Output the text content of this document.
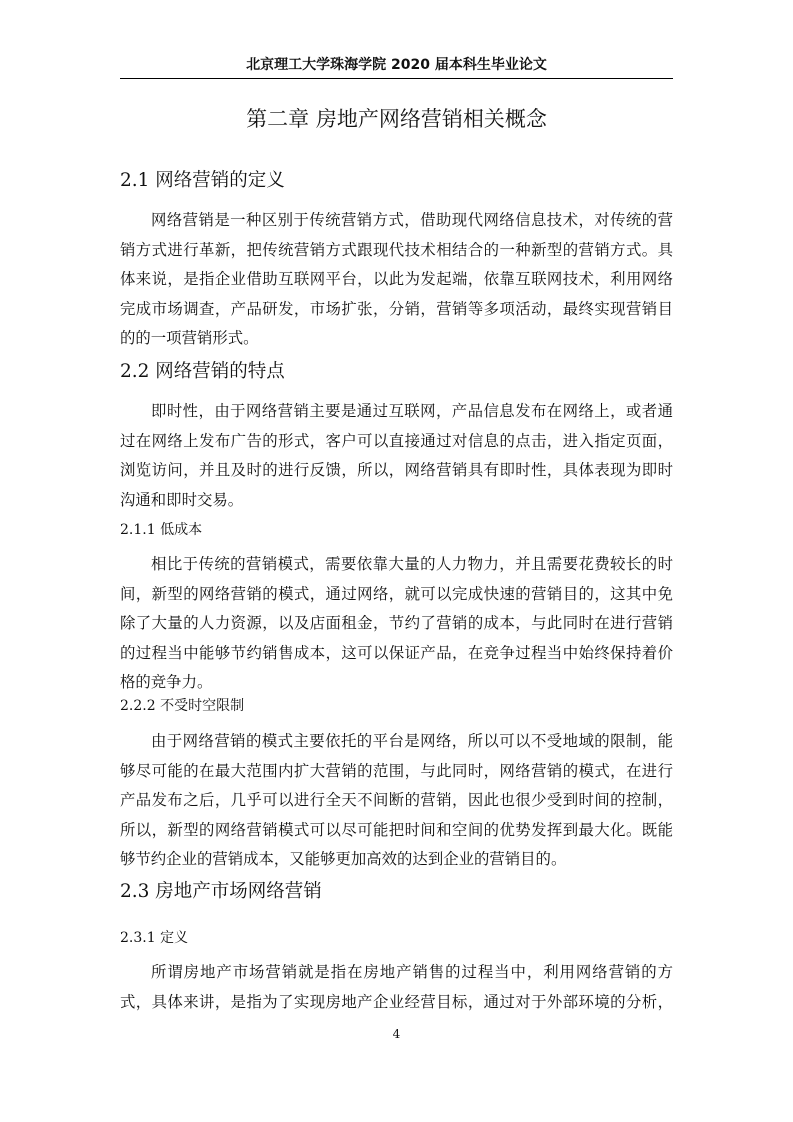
北京理工大学珠海学院 2020 届本科生毕业论文
第二章 房地产网络营销相关概念
2.1 网络营销的定义
网络营销是一种区别于传统营销方式，借助现代网络信息技术，对传统的营
销方式进行革新，把传统营销方式跟现代技术相结合的一种新型的营销方式。具
体来说，是指企业借助互联网平台，以此为发起端，依靠互联网技术，利用网络
完成市场调查，产品研发，市场扩张，分销，营销等多项活动，最终实现营销目
的的一项营销形式。
2.2 网络营销的特点
即时性，由于网络营销主要是通过互联网，产品信息发布在网络上，或者通
过在网络上发布广告的形式，客户可以直接通过对信息的点击，进入指定页面，
浏览访问，并且及时的进行反馈，所以，网络营销具有即时性，具体表现为即时
沟通和即时交易。
2.1.1 低成本
相比于传统的营销模式，需要依靠大量的人力物力，并且需要花费较长的时
间，新型的网络营销的模式，通过网络，就可以完成快速的营销目的，这其中免
除了大量的人力资源，以及店面租金，节约了营销的成本，与此同时在进行营销
的过程当中能够节约销售成本，这可以保证产品，在竞争过程当中始终保持着价
格的竞争力。
2.2.2 不受时空限制
由于网络营销的模式主要依托的平台是网络，所以可以不受地域的限制，能
够尽可能的在最大范围内扩大营销的范围，与此同时，网络营销的模式，在进行
产品发布之后，几乎可以进行全天不间断的营销，因此也很少受到时间的控制，
所以，新型的网络营销模式可以尽可能把时间和空间的优势发挥到最大化。既能
够节约企业的营销成本，又能够更加高效的达到企业的营销目的。
2.3 房地产市场网络营销
2.3.1 定义
所谓房地产市场营销就是指在房地产销售的过程当中，利用网络营销的方
式，具体来讲，是指为了实现房地产企业经营目标，通过对于外部环境的分析，
4
